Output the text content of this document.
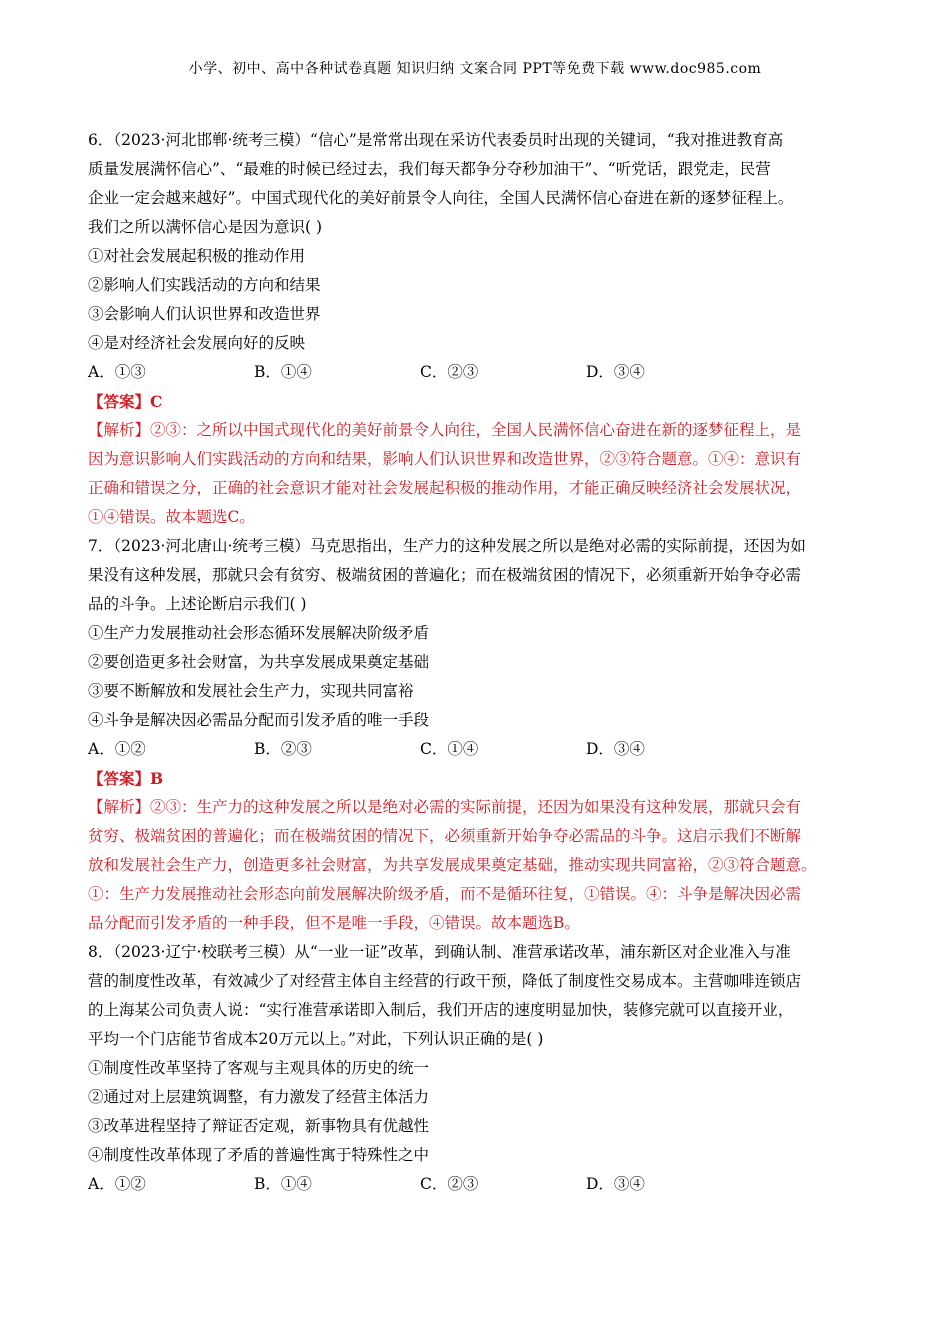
小学、初中、高中各种试卷真题 知识归纳 文案合同 PPT等免费下载 www.doc985.com
6．（2023·河北邯郸·统考三模）“信心”是常常出现在采访代表委员时出现的关键词，“我对推进教育高
质量发展满怀信心”、“最难的时候已经过去，我们每天都争分夺秒加油干”、“听党话，跟党走，民营
企业一定会越来越好”。中国式现代化的美好前景令人向往，全国人民满怀信心奋进在新的逐梦征程上。
我们之所以满怀信心是因为意识( )
①对社会发展起积极的推动作用
②影响人们实践活动的方向和结果
③会影响人们认识世界和改造世界
④是对经济社会发展向好的反映
A．①③	B．①④	C．②③	D．③④
【答案】C
【解析】②③：之所以中国式现代化的美好前景令人向往，全国人民满怀信心奋进在新的逐梦征程上，是
因为意识影响人们实践活动的方向和结果，影响人们认识世界和改造世界，②③符合题意。①④：意识有
正确和错误之分，正确的社会意识才能对社会发展起积极的推动作用，才能正确反映经济社会发展状况，
①④错误。故本题选C。
7．（2023·河北唐山·统考三模）马克思指出，生产力的这种发展之所以是绝对必需的实际前提，还因为如
果没有这种发展，那就只会有贫穷、极端贫困的普遍化；而在极端贫困的情况下，必须重新开始争夺必需
品的斗争。上述论断启示我们( )
①生产力发展推动社会形态循环发展解决阶级矛盾
②要创造更多社会财富，为共享发展成果奠定基础
③要不断解放和发展社会生产力，实现共同富裕
④斗争是解决因必需品分配而引发矛盾的唯一手段
A．①②	B．②③	C．①④	D．③④
【答案】B
【解析】②③：生产力的这种发展之所以是绝对必需的实际前提，还因为如果没有这种发展，那就只会有
贫穷、极端贫困的普遍化；而在极端贫困的情况下，必须重新开始争夺必需品的斗争。这启示我们不断解
放和发展社会生产力，创造更多社会财富，为共享发展成果奠定基础，推动实现共同富裕，②③符合题意。
①：生产力发展推动社会形态向前发展解决阶级矛盾，而不是循环往复，①错误。④：斗争是解决因必需
品分配而引发矛盾的一种手段，但不是唯一手段，④错误。故本题选B。
8．（2023·辽宁·校联考三模）从“一业一证”改革，到确认制、准营承诺改革，浦东新区对企业准入与准
营的制度性改革，有效减少了对经营主体自主经营的行政干预，降低了制度性交易成本。主营咖啡连锁店
的上海某公司负责人说：“实行准营承诺即入制后，我们开店的速度明显加快，装修完就可以直接开业，
平均一个门店能节省成本20万元以上。”对此，下列认识正确的是( )
①制度性改革坚持了客观与主观具体的历史的统一
②通过对上层建筑调整，有力激发了经营主体活力
③改革进程坚持了辩证否定观，新事物具有优越性
④制度性改革体现了矛盾的普遍性寓于特殊性之中
A．①②	B．①④	C．②③	D．③④
